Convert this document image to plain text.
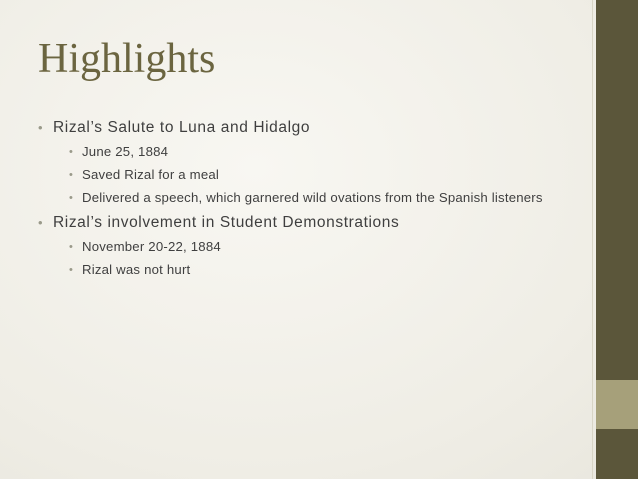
Highlights
• Rizal’s Salute to Luna and Hidalgo
• June 25, 1884
• Saved Rizal for a meal
• Delivered a speech, which garnered wild ovations from the Spanish listeners
• Rizal’s involvement in Student Demonstrations
• November 20-22, 1884
• Rizal was not hurt
